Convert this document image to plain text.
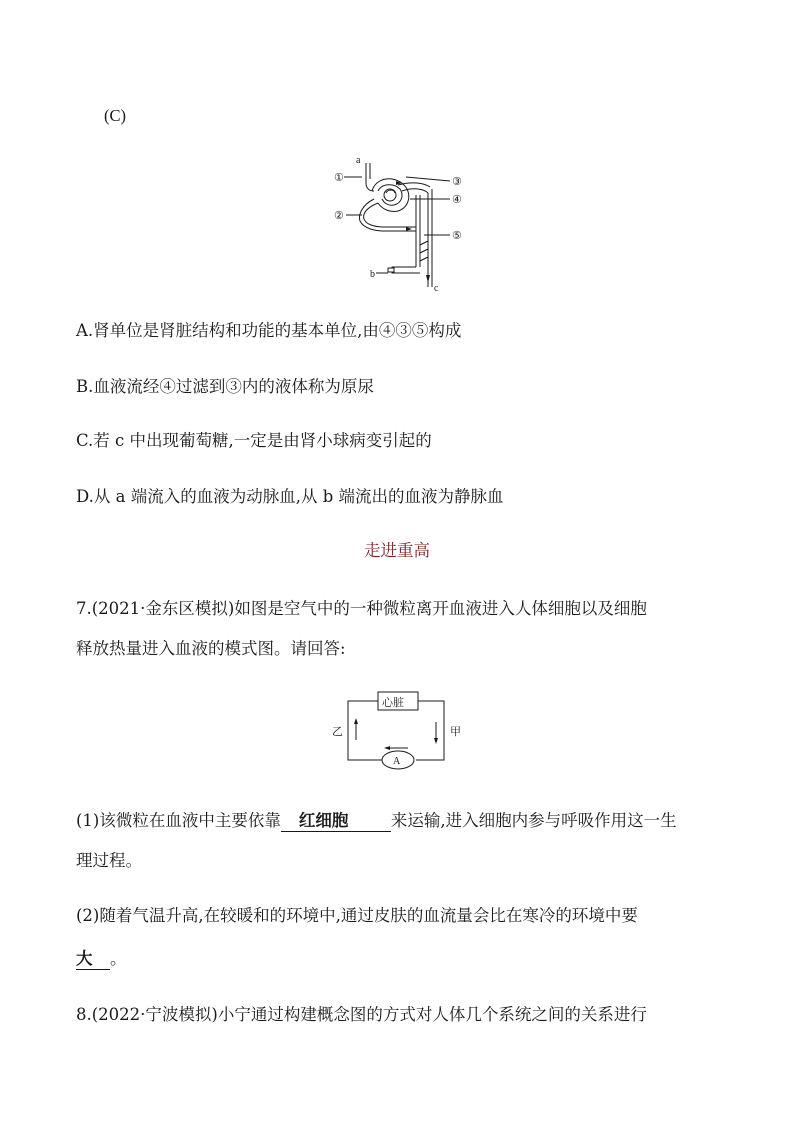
(C)
a
①
②
③
④
⑤
b
c
A.肾单位是肾脏结构和功能的基本单位,由④③⑤构成
B.血液流经④过滤到③内的液体称为原尿
C.若 c 中出现葡萄糖,一定是由肾小球病变引起的
D.从 a 端流入的血液为动脉血,从 b 端流出的血液为静脉血
走进重高
7.(2021·金东区模拟)如图是空气中的一种微粒离开血液进入人体细胞以及细胞
释放热量进入血液的模式图。请回答:
心脏
乙	甲
A
(1)该微粒在血液中主要依靠 红细胞	来运输,进入细胞内参与呼吸作用这一生
理过程。
(2)随着气温升高,在较暖和的环境中,通过皮肤的血流量会比在寒冷的环境中要
大 。
8.(2022·宁波模拟)小宁通过构建概念图的方式对人体几个系统之间的关系进行
